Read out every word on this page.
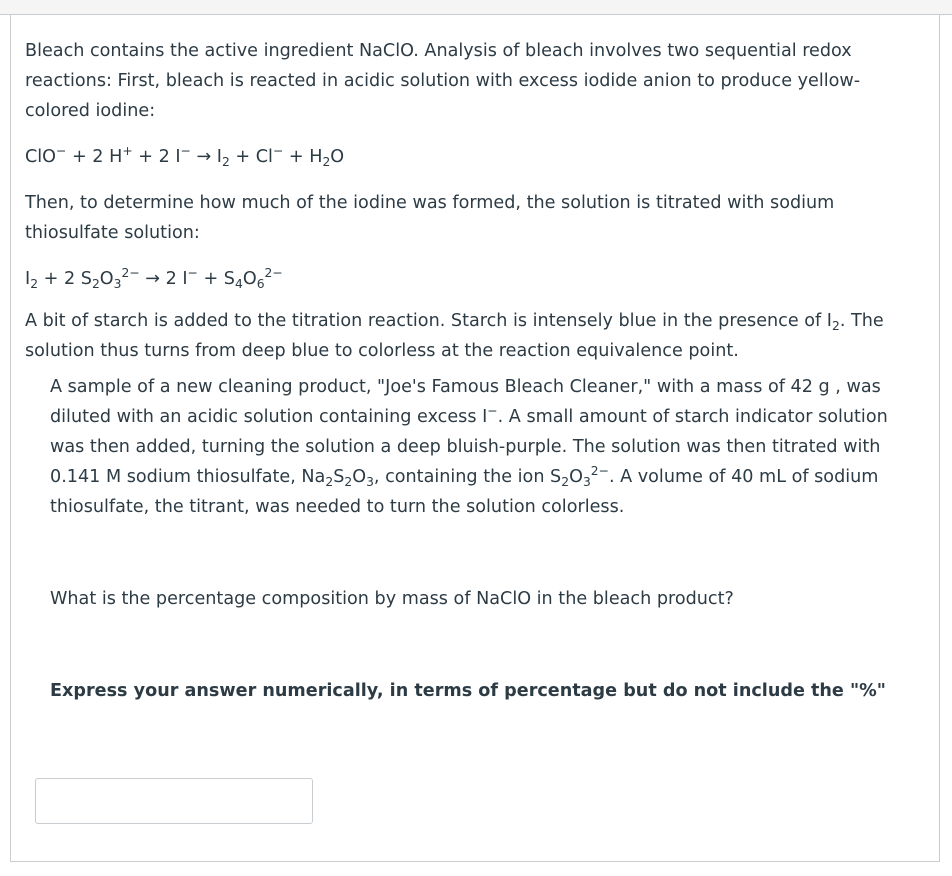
Bleach contains the active ingredient NaClO. Analysis of bleach involves two sequential redox reactions: First, bleach is reacted in acidic solution with excess iodide anion to produce yellow-colored iodine:

ClO− + 2 H+ + 2 $I^- \to I_2 + Cl^- + H_2O$

Then, to determine how much of the iodine was formed, the solution is titrated with sodium thiosulfate solution:

$I_2 + 2$ $S_2O_3^{2-} \to 2$ $I^- + S_4O_6^{2-}$

A bit of starch is added to the titration reaction. Starch is intensely blue in the presence of $I_2$. The solution thus turns from deep blue to colorless at the reaction equivalence point.

A sample of a new cleaning product, "Joe's Famous Bleach Cleaner," with a mass of 42 g , was diluted with an acidic solution containing excess I−. A small amount of starch indicator solution was then added, turning the solution a deep bluish-purple. The solution was then titrated with 0.141 M sodium thiosulfate, $Na_2S_2O_3$, containing the ion $S_2O_3^{2-}$. A volume of 40 mL of sodium thiosulfate, the titrant, was needed to turn the solution colorless.

What is the percentage composition by mass of NaClO in the bleach product?

Express your answer numerically, in terms of percentage but do not include the "%"
